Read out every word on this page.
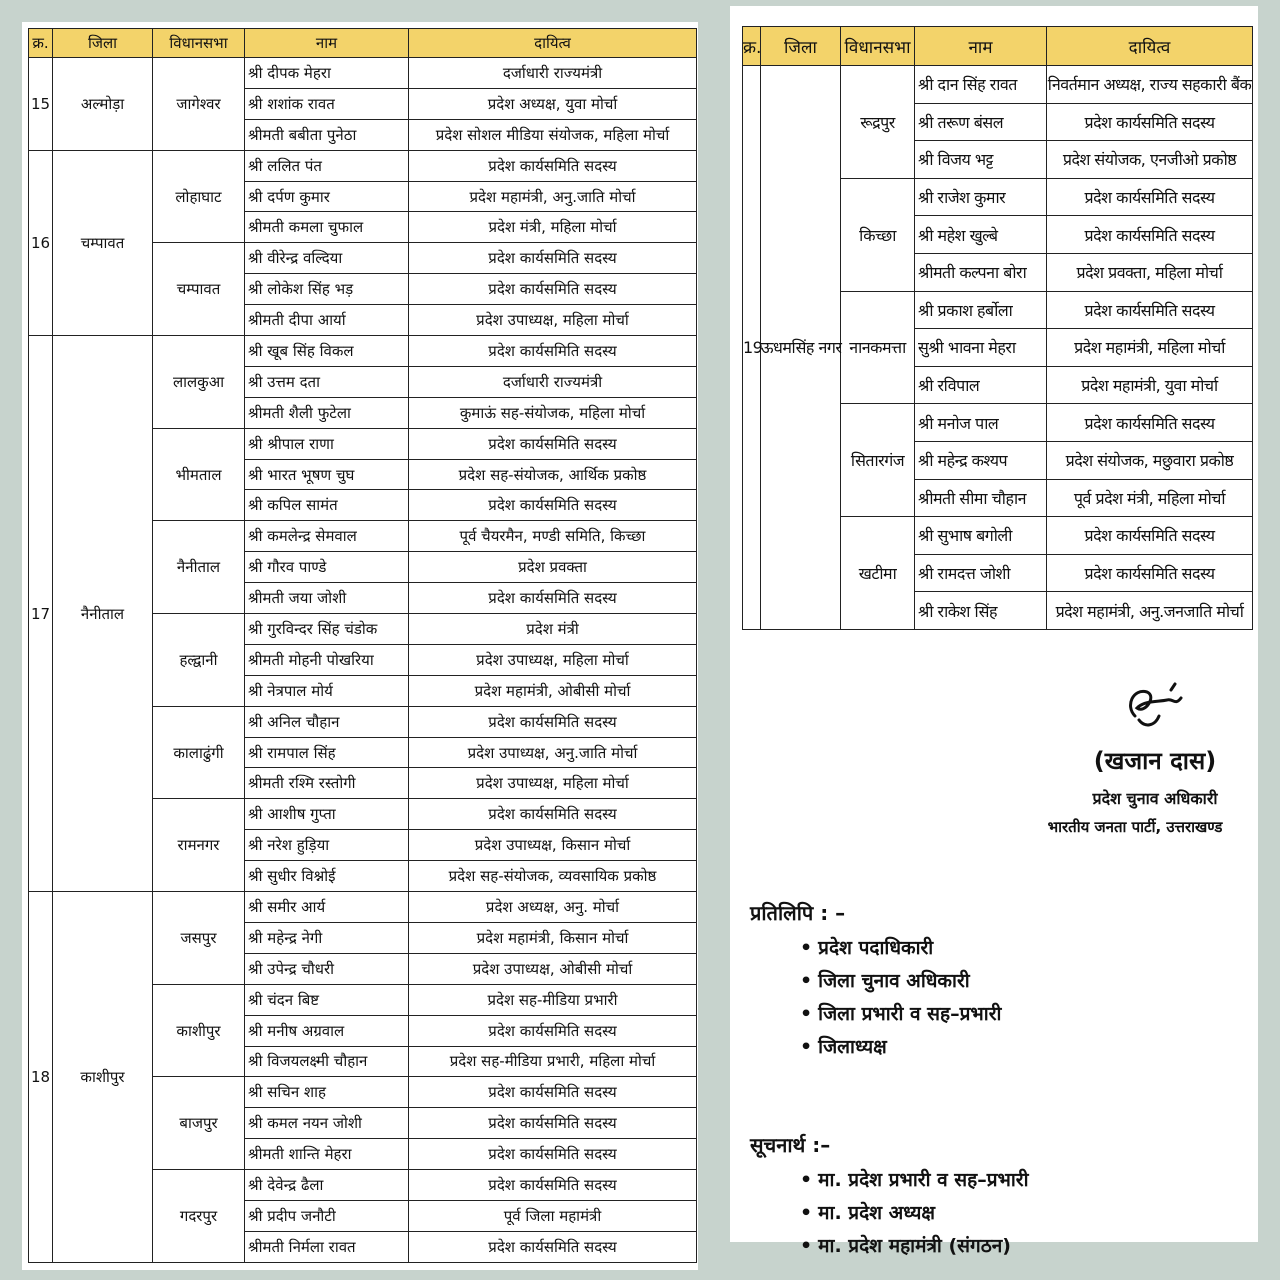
क्र.	जिला	विधानसभा	नाम	दायित्व
15	अल्मोड़ा	जागेश्वर	श्री दीपक मेहरा	दर्जाधारी राज्यमंत्री
			श्री शशांक रावत	प्रदेश अध्यक्ष, युवा मोर्चा
			श्रीमती बबीता पुनेठा	प्रदेश सोशल मीडिया संयोजक, महिला मोर्चा
16	चम्पावत	लोहाघाट	श्री ललित पंत	प्रदेश कार्यसमिति सदस्य
			श्री दर्पण कुमार	प्रदेश महामंत्री, अनु.जाति मोर्चा
			श्रीमती कमला चुफाल	प्रदेश मंत्री, महिला मोर्चा
		चम्पावत	श्री वीरेन्द्र वल्दिया	प्रदेश कार्यसमिति सदस्य
			श्री लोकेश सिंह भड़	प्रदेश कार्यसमिति सदस्य
			श्रीमती दीपा आर्या	प्रदेश उपाध्यक्ष, महिला मोर्चा
17	नैनीताल	लालकुआ	श्री खूब सिंह विकल	प्रदेश कार्यसमिति सदस्य
			श्री उत्तम दता	दर्जाधारी राज्यमंत्री
			श्रीमती शैली फुटेला	कुमाऊं सह-संयोजक, महिला मोर्चा
		भीमताल	श्री श्रीपाल राणा	प्रदेश कार्यसमिति सदस्य
			श्री भारत भूषण चुघ	प्रदेश सह-संयोजक, आर्थिक प्रकोष्ठ
			श्री कपिल सामंत	प्रदेश कार्यसमिति सदस्य
		नैनीताल	श्री कमलेन्द्र सेमवाल	पूर्व चैयरमैन, मण्डी समिति, किच्छा
			श्री गौरव पाण्डे	प्रदेश प्रवक्ता
			श्रीमती जया जोशी	प्रदेश कार्यसमिति सदस्य
		हल्द्वानी	श्री गुरविन्दर सिंह चंडोक	प्रदेश मंत्री
			श्रीमती मोहनी पोखरिया	प्रदेश उपाध्यक्ष, महिला मोर्चा
			श्री नेत्रपाल मोर्य	प्रदेश महामंत्री, ओबीसी मोर्चा
		कालाढुंगी	श्री अनिल चौहान	प्रदेश कार्यसमिति सदस्य
			श्री रामपाल सिंह	प्रदेश उपाध्यक्ष, अनु.जाति मोर्चा
			श्रीमती रश्मि रस्तोगी	प्रदेश उपाध्यक्ष, महिला मोर्चा
		रामनगर	श्री आशीष गुप्ता	प्रदेश कार्यसमिति सदस्य
			श्री नरेश हुड़िया	प्रदेश उपाध्यक्ष, किसान मोर्चा
			श्री सुधीर विश्नोई	प्रदेश सह-संयोजक, व्यवसायिक प्रकोष्ठ
18	काशीपुर	जसपुर	श्री समीर आर्य	प्रदेश अध्यक्ष, अनु. मोर्चा
			श्री महेन्द्र नेगी	प्रदेश महामंत्री, किसान मोर्चा
			श्री उपेन्द्र चौधरी	प्रदेश उपाध्यक्ष, ओबीसी मोर्चा
		काशीपुर	श्री चंदन बिष्ट	प्रदेश सह-मीडिया प्रभारी
			श्री मनीष अग्रवाल	प्रदेश कार्यसमिति सदस्य
			श्री विजयलक्ष्मी चौहान	प्रदेश सह-मीडिया प्रभारी, महिला मोर्चा
		बाजपुर	श्री सचिन शाह	प्रदेश कार्यसमिति सदस्य
			श्री कमल नयन जोशी	प्रदेश कार्यसमिति सदस्य
			श्रीमती शान्ति मेहरा	प्रदेश कार्यसमिति सदस्य
		गदरपुर	श्री देवेन्द्र ढैला	प्रदेश कार्यसमिति सदस्य
			श्री प्रदीप जनौटी	पूर्व जिला महामंत्री
			श्रीमती निर्मला रावत	प्रदेश कार्यसमिति सदस्य
क्र.	जिला	विधानसभा	नाम	दायित्व
19	ऊधमसिंह नगर	रूद्रपुर	श्री दान सिंह रावत	निवर्तमान अध्यक्ष, राज्य सहकारी बैंक
			श्री तरूण बंसल	प्रदेश कार्यसमिति सदस्य
			श्री विजय भट्ट	प्रदेश संयोजक, एनजीओ प्रकोष्ठ
		किच्छा	श्री राजेश कुमार	प्रदेश कार्यसमिति सदस्य
			श्री महेश खुल्बे	प्रदेश कार्यसमिति सदस्य
			श्रीमती कल्पना बोरा	प्रदेश प्रवक्ता, महिला मोर्चा
		नानकमत्ता	श्री प्रकाश हर्बोला	प्रदेश कार्यसमिति सदस्य
			सुश्री भावना मेहरा	प्रदेश महामंत्री, महिला मोर्चा
			श्री रविपाल	प्रदेश महामंत्री, युवा मोर्चा
		सितारगंज	श्री मनोज पाल	प्रदेश कार्यसमिति सदस्य
			श्री महेन्द्र कश्यप	प्रदेश संयोजक, मछुवारा प्रकोष्ठ
			श्रीमती सीमा चौहान	पूर्व प्रदेश मंत्री, महिला मोर्चा
		खटीमा	श्री सुभाष बगोली	प्रदेश कार्यसमिति सदस्य
			श्री रामदत्त जोशी	प्रदेश कार्यसमिति सदस्य
			श्री राकेश सिंह	प्रदेश महामंत्री, अनु.जनजाति मोर्चा
(खजान दास)
प्रदेश चुनाव अधिकारी
भारतीय जनता पार्टी, उत्तराखण्ड
प्रतिलिपि : –
• प्रदेश पदाधिकारी
• जिला चुनाव अधिकारी
• जिला प्रभारी व सह–प्रभारी
• जिलाध्यक्ष
सूचनार्थ :–
• मा. प्रदेश प्रभारी व सह–प्रभारी
• मा. प्रदेश अध्यक्ष
• मा. प्रदेश महामंत्री (संगठन)
